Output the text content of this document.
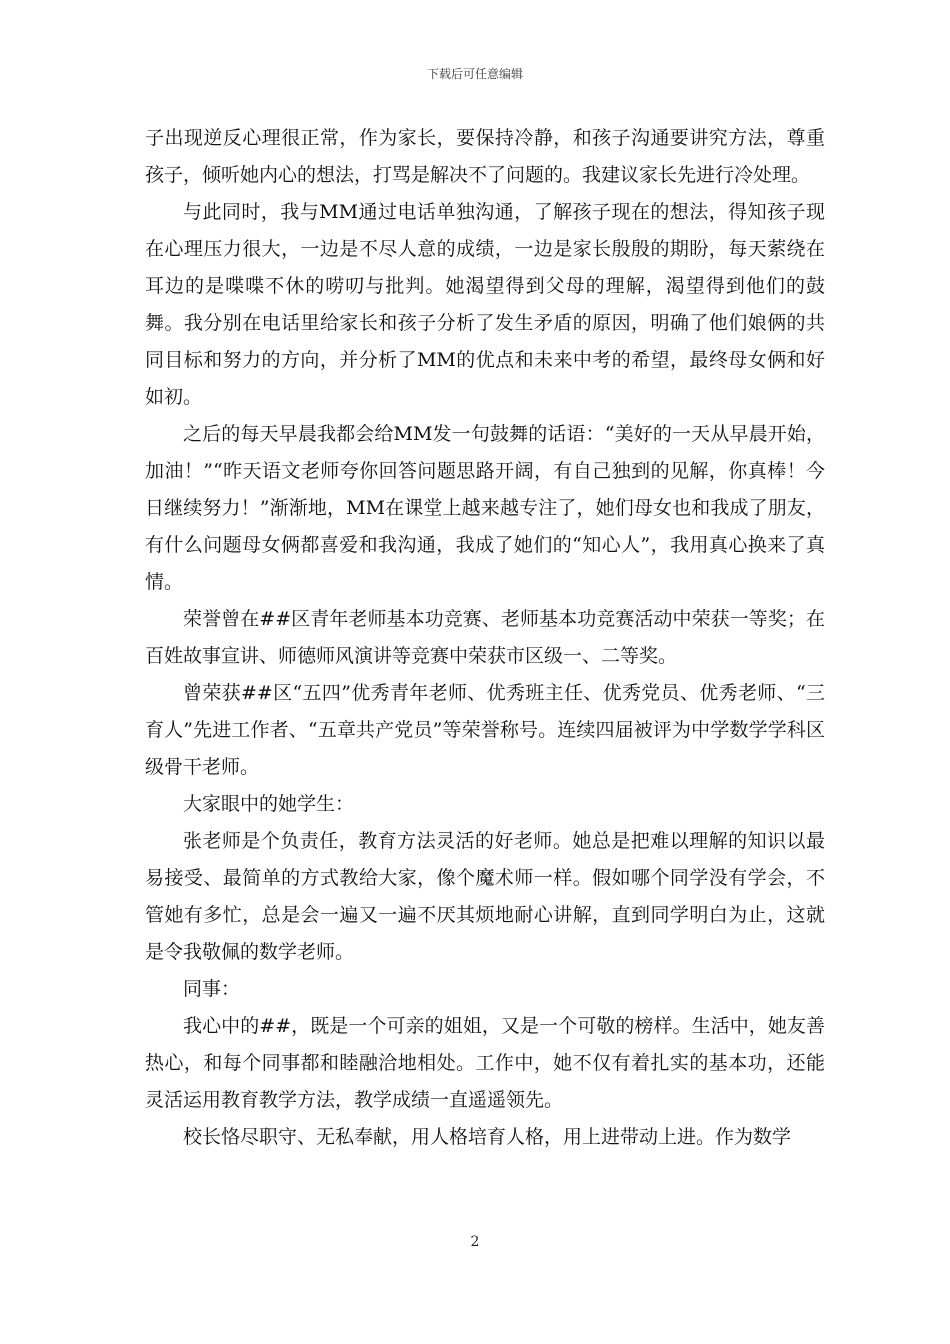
下载后可任意编辑

子出现逆反心理很正常，作为家长，要保持冷静，和孩子沟通要讲究方法，尊重孩子，倾听她内心的想法，打骂是解决不了问题的。我建议家长先进行冷处理。

与此同时，我与MM通过电话单独沟通，了解孩子现在的想法，得知孩子现在心理压力很大，一边是不尽人意的成绩，一边是家长殷殷的期盼，每天萦绕在耳边的是喋喋不休的唠叨与批判。她渴望得到父母的理解，渴望得到他们的鼓舞。我分别在电话里给家长和孩子分析了发生矛盾的原因，明确了他们娘俩的共同目标和努力的方向，并分析了MM的优点和未来中考的希望，最终母女俩和好如初。

之后的每天早晨我都会给MM发一句鼓舞的话语：“美好的一天从早晨开始，加油！”“昨天语文老师夸你回答问题思路开阔，有自己独到的见解，你真棒！今日继续努力！”渐渐地，MM在课堂上越来越专注了，她们母女也和我成了朋友，有什么问题母女俩都喜爱和我沟通，我成了她们的“知心人”，我用真心换来了真情。

荣誉曾在##区青年老师基本功竞赛、老师基本功竞赛活动中荣获一等奖；在百姓故事宣讲、师德师风演讲等竞赛中荣获市区级一、二等奖。

曾荣获##区“五四”优秀青年老师、优秀班主任、优秀党员、优秀老师、“三育人”先进工作者、“五章共产党员”等荣誉称号。连续四届被评为中学数学学科区级骨干老师。

大家眼中的她学生：

张老师是个负责任，教育方法灵活的好老师。她总是把难以理解的知识以最易接受、最简单的方式教给大家，像个魔术师一样。假如哪个同学没有学会，不管她有多忙，总是会一遍又一遍不厌其烦地耐心讲解，直到同学明白为止，这就是令我敬佩的数学老师。

同事：

我心中的##，既是一个可亲的姐姐，又是一个可敬的榜样。生活中，她友善热心，和每个同事都和睦融洽地相处。工作中，她不仅有着扎实的基本功，还能灵活运用教育教学方法，教学成绩一直遥遥领先。

校长恪尽职守、无私奉献，用人格培育人格，用上进带动上进。作为数学

2
